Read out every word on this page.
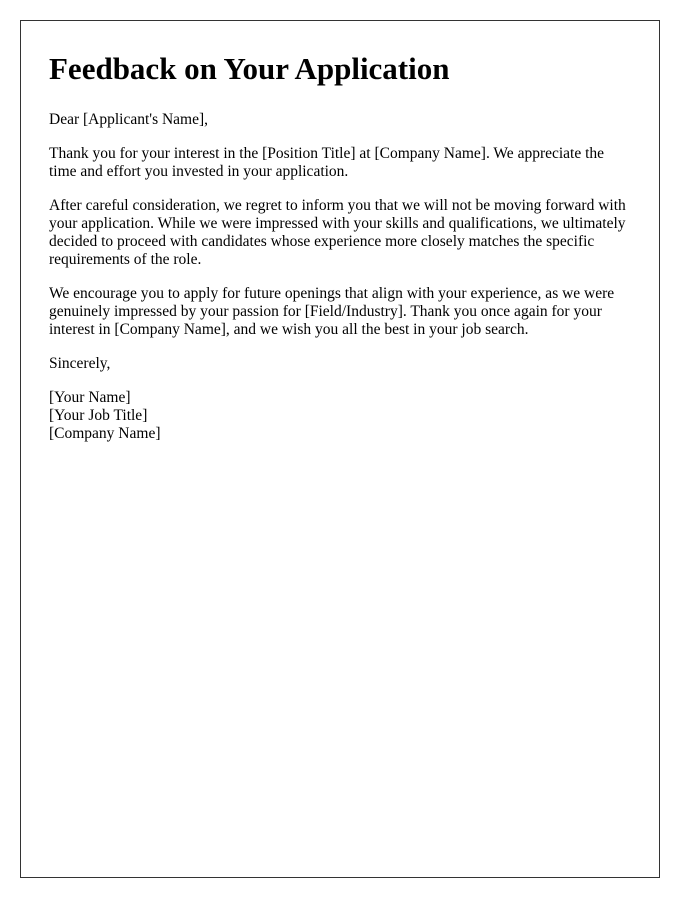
Feedback on Your Application

Dear [Applicant's Name],

Thank you for your interest in the [Position Title] at [Company Name]. We appreciate the time and effort you invested in your application.

After careful consideration, we regret to inform you that we will not be moving forward with your application. While we were impressed with your skills and qualifications, we ultimately decided to proceed with candidates whose experience more closely matches the specific requirements of the role.

We encourage you to apply for future openings that align with your experience, as we were genuinely impressed by your passion for [Field/Industry]. Thank you once again for your interest in [Company Name], and we wish you all the best in your job search.

Sincerely,

[Your Name]
[Your Job Title]
[Company Name]
